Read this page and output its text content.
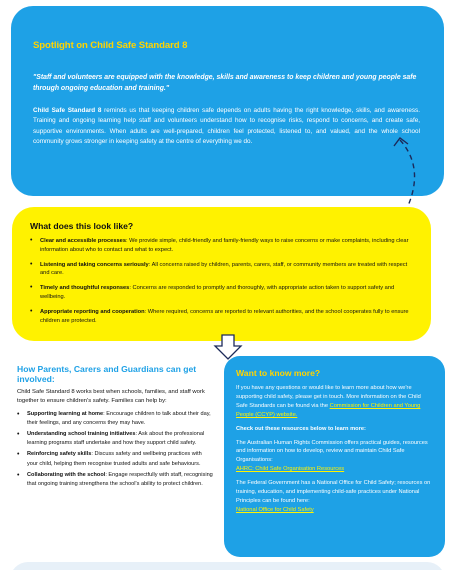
Spotlight on Child Safe Standard 8
"Staff and volunteers are equipped with the knowledge, skills and awareness to keep children and young people safe through ongoing education and training."
Child Safe Standard 8 reminds us that keeping children safe depends on adults having the right knowledge, skills, and awareness. Training and ongoing learning help staff and volunteers understand how to recognise risks, respond to concerns, and create safe, supportive environments. When adults are well-prepared, children feel protected, listened to, and valued, and the whole school community grows stronger in keeping safety at the centre of everything we do.
What does this look like?
• Clear and accessible processes: We provide simple, child-friendly and family-friendly ways to raise concerns or make complaints, including clear information about who to contact and what to expect.
• Listening and taking concerns seriously: All concerns raised by children, parents, carers, staff, or community members are treated with respect and care.
• Timely and thoughtful responses: Concerns are responded to promptly and thoroughly, with appropriate action taken to support safety and wellbeing.
• Appropriate reporting and cooperation: Where required, concerns are reported to relevant authorities, and the school cooperates fully to ensure children are protected.
How Parents, Carers and Guardians can get involved:
Child Safe Standard 8 works best when schools, families, and staff work together to ensure children's safety. Families can help by:
• Supporting learning at home: Encourage children to talk about their day, their feelings, and any concerns they may have.
• Understanding school training initiatives: Ask about the professional learning programs staff undertake and how they support child safety.
• Reinforcing safety skills: Discuss safety and wellbeing practices with your child, helping them recognise trusted adults and safe behaviours.
• Collaborating with the school: Engage respectfully with staff, recognising that ongoing training strengthens the school's ability to protect children.
Want to know more?

If you have any questions or would like to learn more about how we're supporting child safety, please get in touch. More information on the Child Safe Standards can be found via the Commission for Children and Young People (CCYP) website.

Check out these resources below to learn more:

The Australian Human Rights Commission offers practical guides, resources and information on how to develop, review and maintain Child Safe Organisations:
AHRC: Child Safe Organisation Resources

The Federal Government has a National Office for Child Safety; resources on training, education, and implementing child-safe practices under National Principles can be found here:
National Office for Child Safety
